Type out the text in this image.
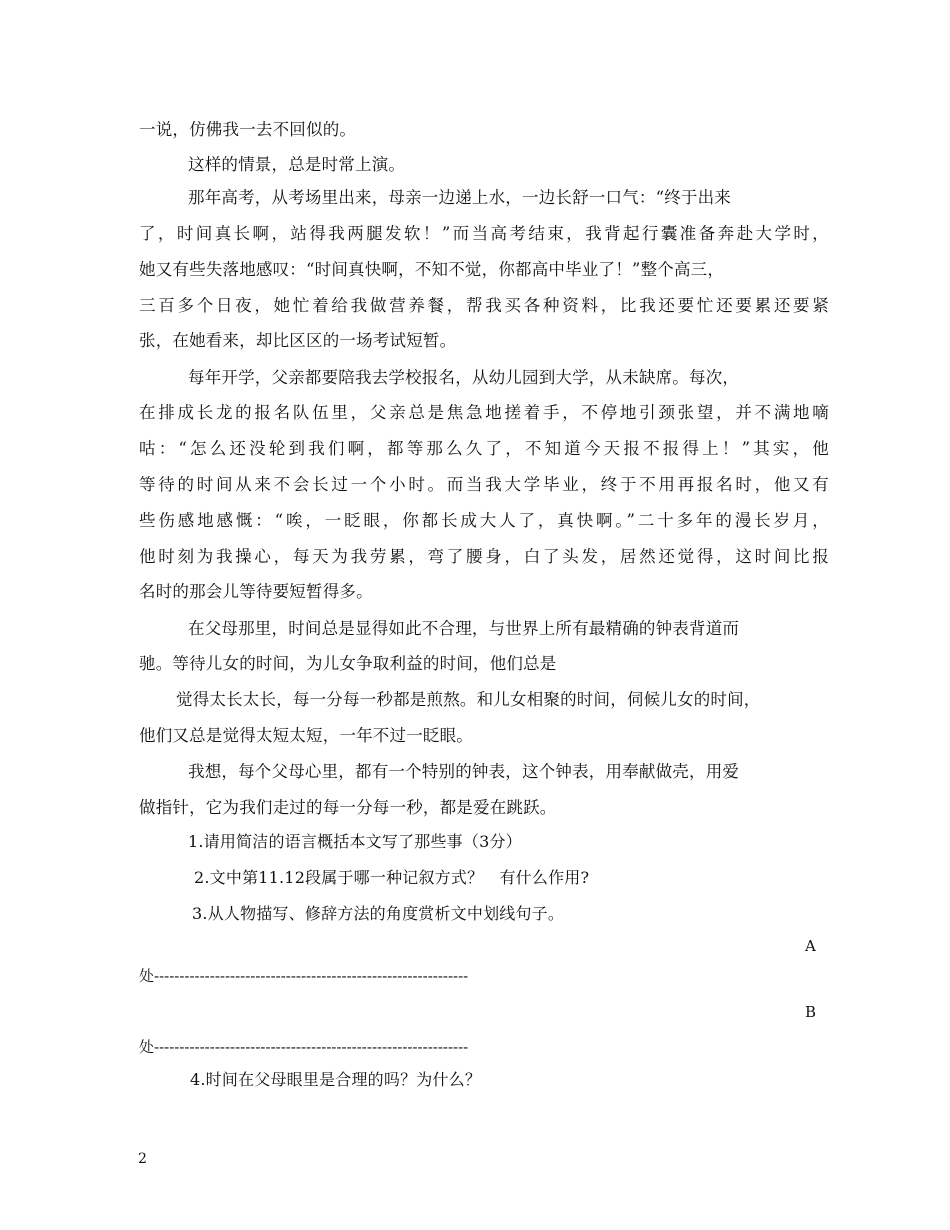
一说，仿佛我一去不回似的。
这样的情景，总是时常上演。
那年高考，从考场里出来，母亲一边递上水，一边长舒一口气：“终于出来
了，时间真长啊，站得我两腿发软！”而当高考结束，我背起行囊准备奔赴大学时，
她又有些失落地感叹：“时间真快啊，不知不觉，你都高中毕业了！”整个高三，
三百多个日夜，她忙着给我做营养餐，帮我买各种资料，比我还要忙还要累还要紧
张，在她看来，却比区区的一场考试短暂。
每年开学，父亲都要陪我去学校报名，从幼儿园到大学，从未缺席。每次，
在排成长龙的报名队伍里，父亲总是焦急地搓着手，不停地引颈张望，并不满地嘀
咕：“怎么还没轮到我们啊，都等那么久了，不知道今天报不报得上！”其实，他
等待的时间从来不会长过一个小时。而当我大学毕业，终于不用再报名时，他又有
些伤感地感慨：“唉，一眨眼，你都长成大人了，真快啊。”二十多年的漫长岁月，
他时刻为我操心，每天为我劳累，弯了腰身，白了头发，居然还觉得，这时间比报
名时的那会儿等待要短暂得多。
在父母那里，时间总是显得如此不合理，与世界上所有最精确的钟表背道而
驰。等待儿女的时间，为儿女争取利益的时间，他们总是
觉得太长太长，每一分每一秒都是煎熬。和儿女相聚的时间，伺候儿女的时间，
他们又总是觉得太短太短，一年不过一眨眼。
我想，每个父母心里，都有一个特别的钟表，这个钟表，用奉献做壳，用爱
做指针，它为我们走过的每一分每一秒，都是爱在跳跃。
1.请用简洁的语言概括本文写了那些事（3分）
2.文中第11.12段属于哪一种记叙方式？　有什么作用?
3.从人物描写、修辞方法的角度赏析文中划线句子。
A
处--------------------------------------------------------------
B
处--------------------------------------------------------------
4.时间在父母眼里是合理的吗？为什么？
2
